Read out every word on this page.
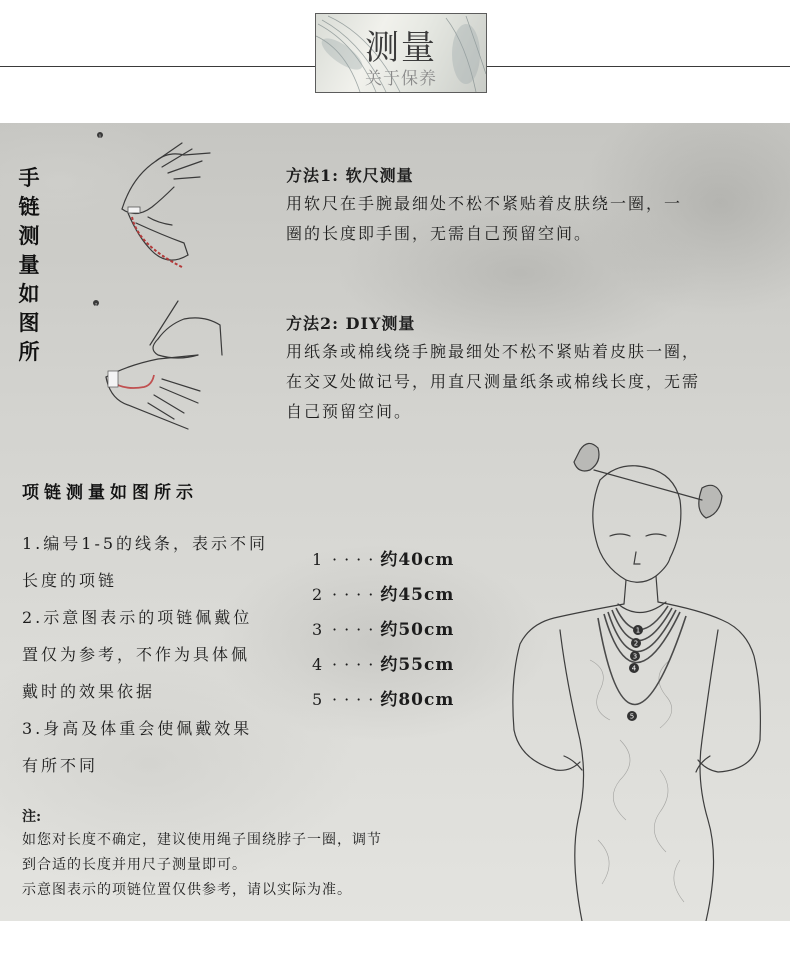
测量
关于保养
手
链
测
量
如
图
所
1
2
方法1: 软尺测量
用软尺在手腕最细处不松不紧贴着皮肤绕一圈，一
圈的长度即手围，无需自己预留空间。
方法2: DIY测量
用纸条或棉线绕手腕最细处不松不紧贴着皮肤一圈，
在交叉处做记号，用直尺测量纸条或棉线长度，无需
自己预留空间。
项链测量如图所示
1.编号1-5的线条，表示不同
长度的项链
2.示意图表示的项链佩戴位
置仅为参考，不作为具体佩
戴时的效果依据
3.身高及体重会使佩戴效果
有所不同
1 ····约40cm
2 ····约45cm
3 ····约50cm
4 ····约55cm
5 ····约80cm
1
2
3
4
5
注:
如您对长度不确定，建议使用绳子围绕脖子一圈，调节
到合适的长度并用尺子测量即可。
示意图表示的项链位置仅供参考，请以实际为准。
